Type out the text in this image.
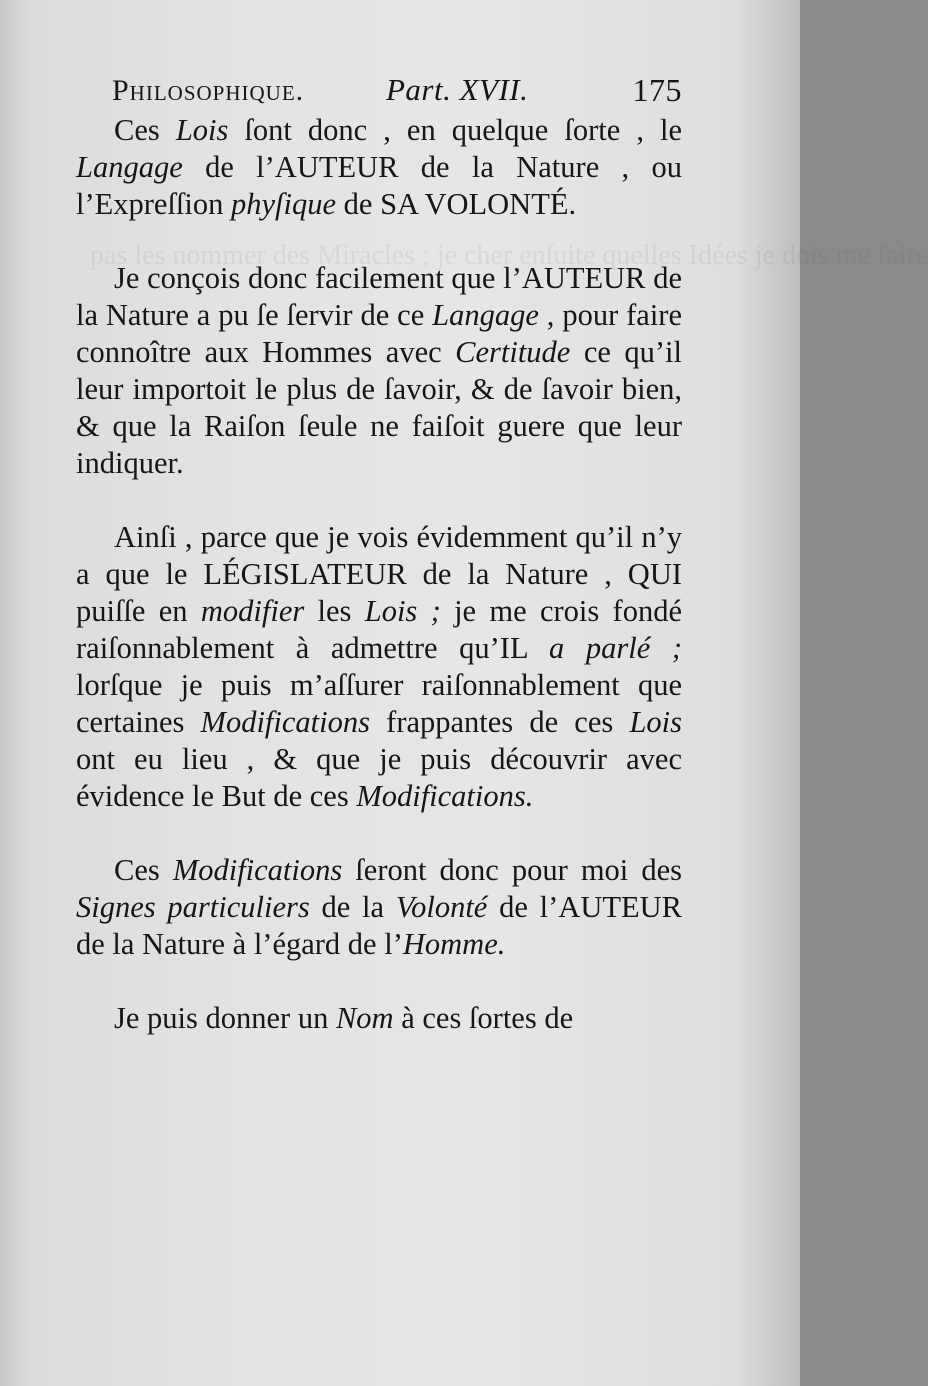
pas les nommer des Miracles ; je cher enſuite quelles Idées je dois me faire
Philosophique.	Part. XVII.	175

Ces Lois ſont donc , en quelque ſorte , le Langage de l’AUTEUR de la Nature , ou l’Expreſſion phyſique de SA VOLONTÉ.

Je conçois donc facilement que l’AUTEUR de la Nature a pu ſe ſervir de ce Langage , pour faire connoître aux Hommes avec Certitude ce qu’il leur importoit le plus de ſavoir, & de ſavoir bien, & que la Raiſon ſeule ne faiſoit guere que leur indiquer.

Ainſi , parce que je vois évidemment qu’il n’y a que le LÉGISLATEUR de la Nature , QUI puiſſe en modifier les Lois ; je me crois fondé raiſonnablement à admettre qu’IL a parlé ; lorſque je puis m’aſſurer raiſonnablement que certaines Modifications frappantes de ces Lois ont eu lieu , & que je puis découvrir avec évidence le But de ces Modifications.

Ces Modifications ſeront donc pour moi des Signes particuliers de la Volonté de l’AUTEUR de la Nature à l’égard de l’Homme.

Je puis donner un Nom à ces ſortes de
